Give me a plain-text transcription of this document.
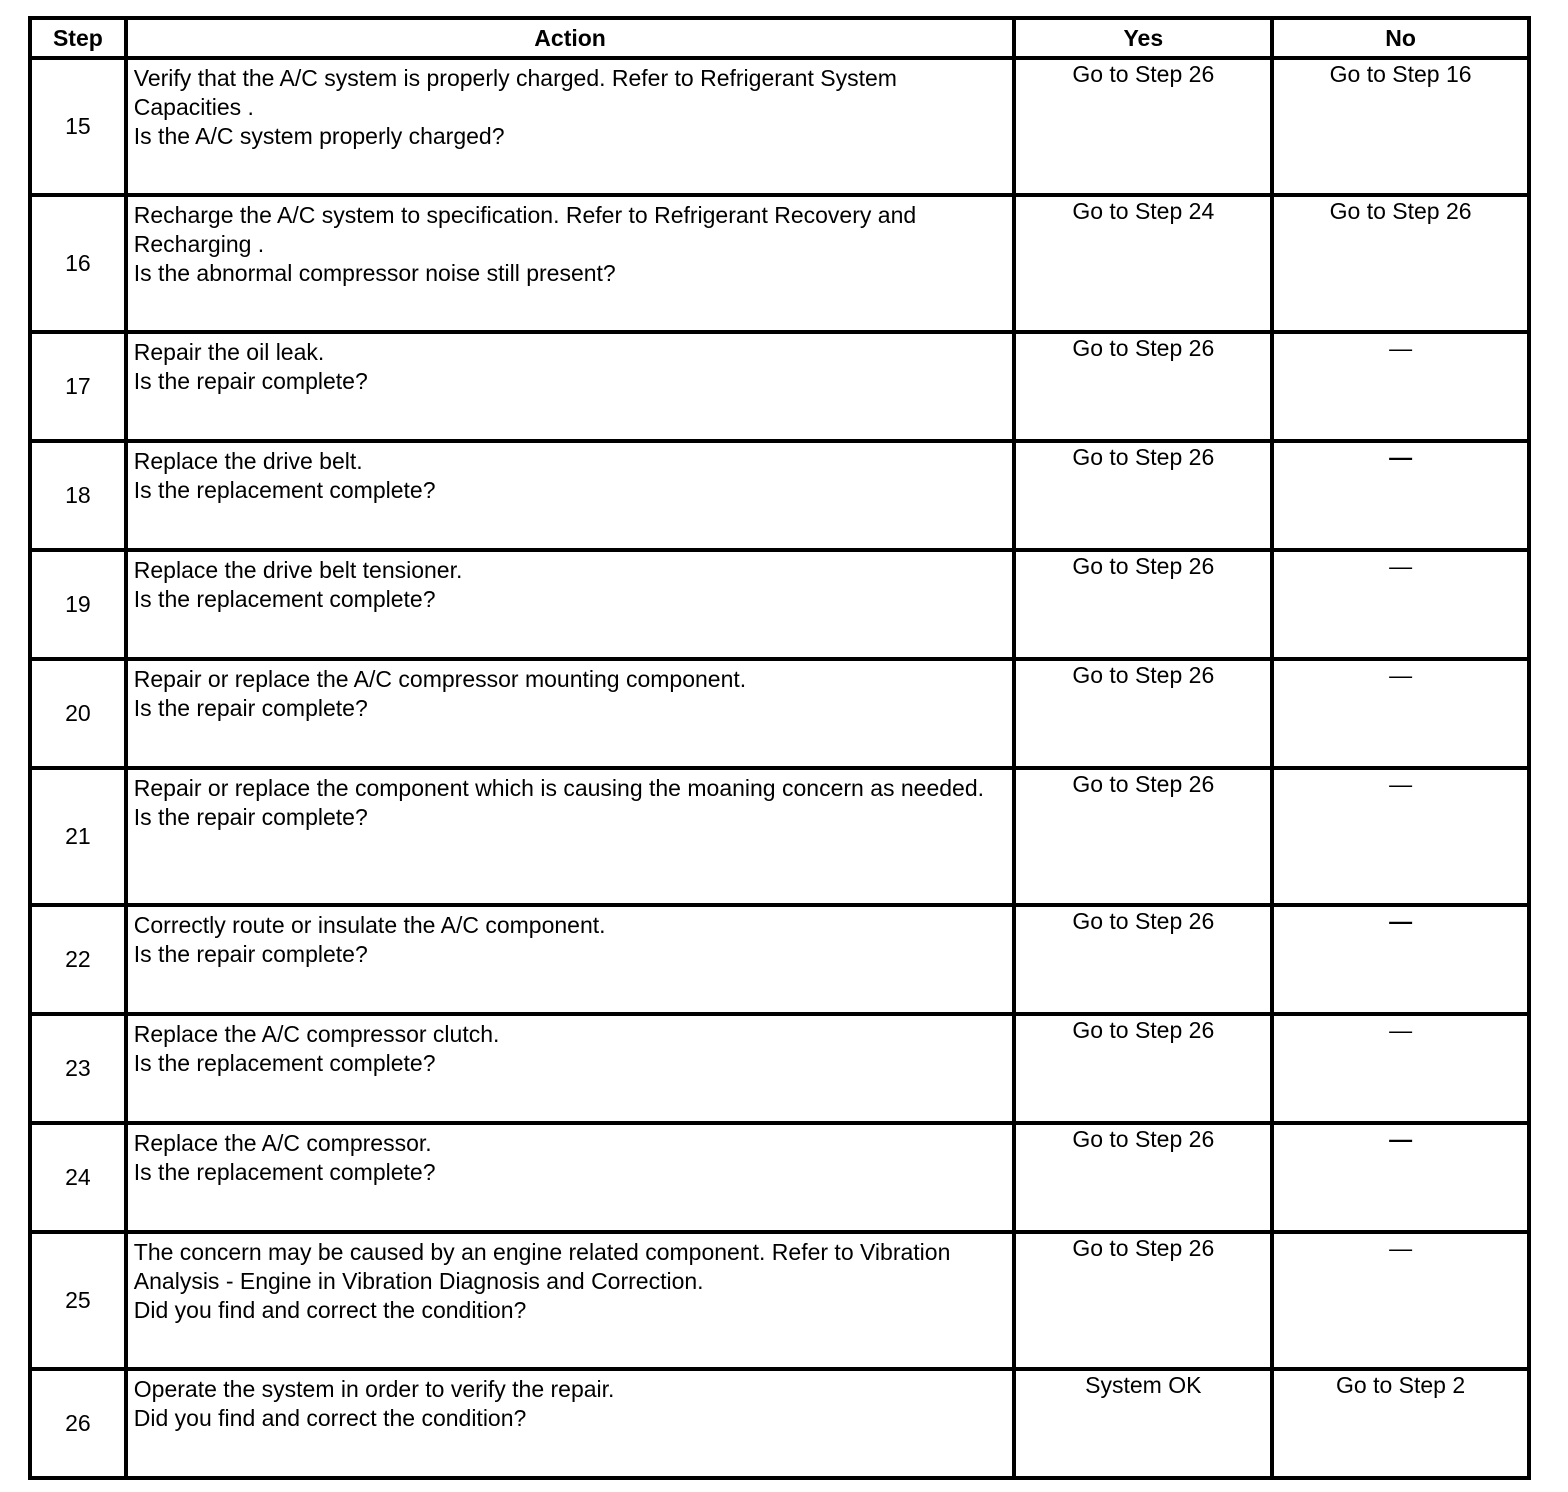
Step	Action	Yes	No
15	Verify that the A/C system is properly charged. Refer to Refrigerant System Capacities .
Is the A/C system properly charged?	Go to Step 26	Go to Step 16

16	Recharge the A/C system to specification. Refer to Refrigerant Recovery and Recharging .
Is the abnormal compressor noise still present?	Go to Step 24	Go to Step 26

17	Repair the oil leak.
Is the repair complete?	Go to Step 26	—

18	Replace the drive belt.
Is the replacement complete?	Go to Step 26	—

19	Replace the drive belt tensioner.
Is the replacement complete?	Go to Step 26	—

20	Repair or replace the A/C compressor mounting component.
Is the repair complete?	Go to Step 26	—

21	Repair or replace the component which is causing the moaning concern as needed.
Is the repair complete?	Go to Step 26	—

22	Correctly route or insulate the A/C component.
Is the repair complete?	Go to Step 26	—

23	Replace the A/C compressor clutch.
Is the replacement complete?	Go to Step 26	—

24	Replace the A/C compressor.
Is the replacement complete?	Go to Step 26	—

25	The concern may be caused by an engine related component. Refer to Vibration Analysis - Engine in Vibration Diagnosis and Correction.
Did you find and correct the condition?	Go to Step 26	—

26	Operate the system in order to verify the repair.
Did you find and correct the condition?	System OK	Go to Step 2
